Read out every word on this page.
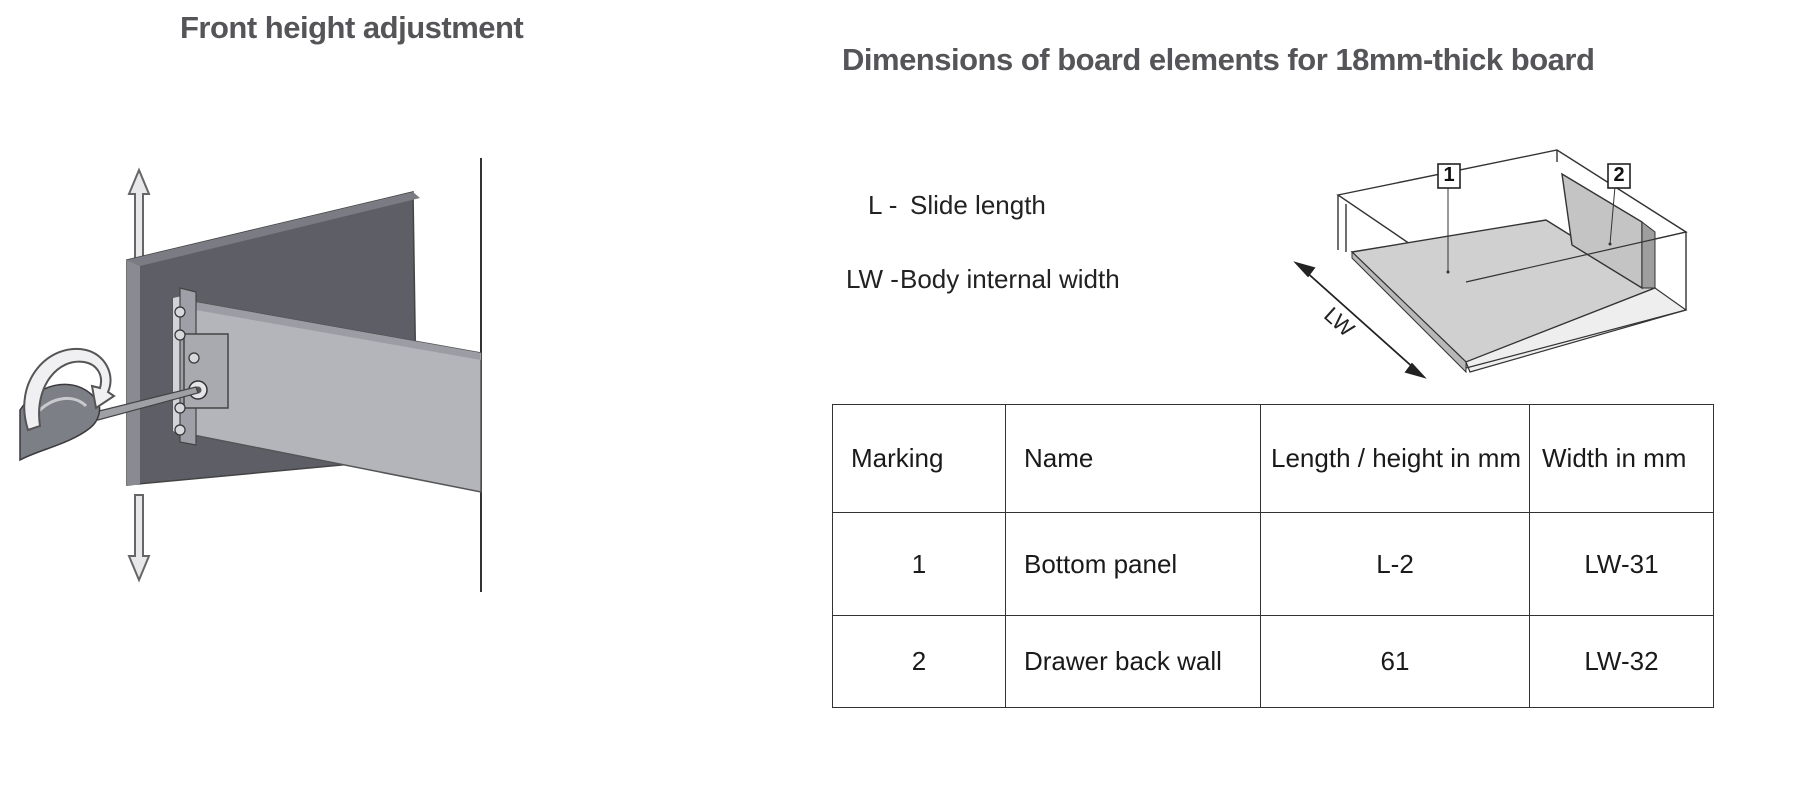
Front height adjustment
Dimensions of board elements for 18mm-thick board
L - Slide length
LW -Body internal width
LW
1	2
Marking	Name	Length / height in mm	Width in mm
1	Bottom panel	L-2	LW-31
2	Drawer back wall	61	LW-32
